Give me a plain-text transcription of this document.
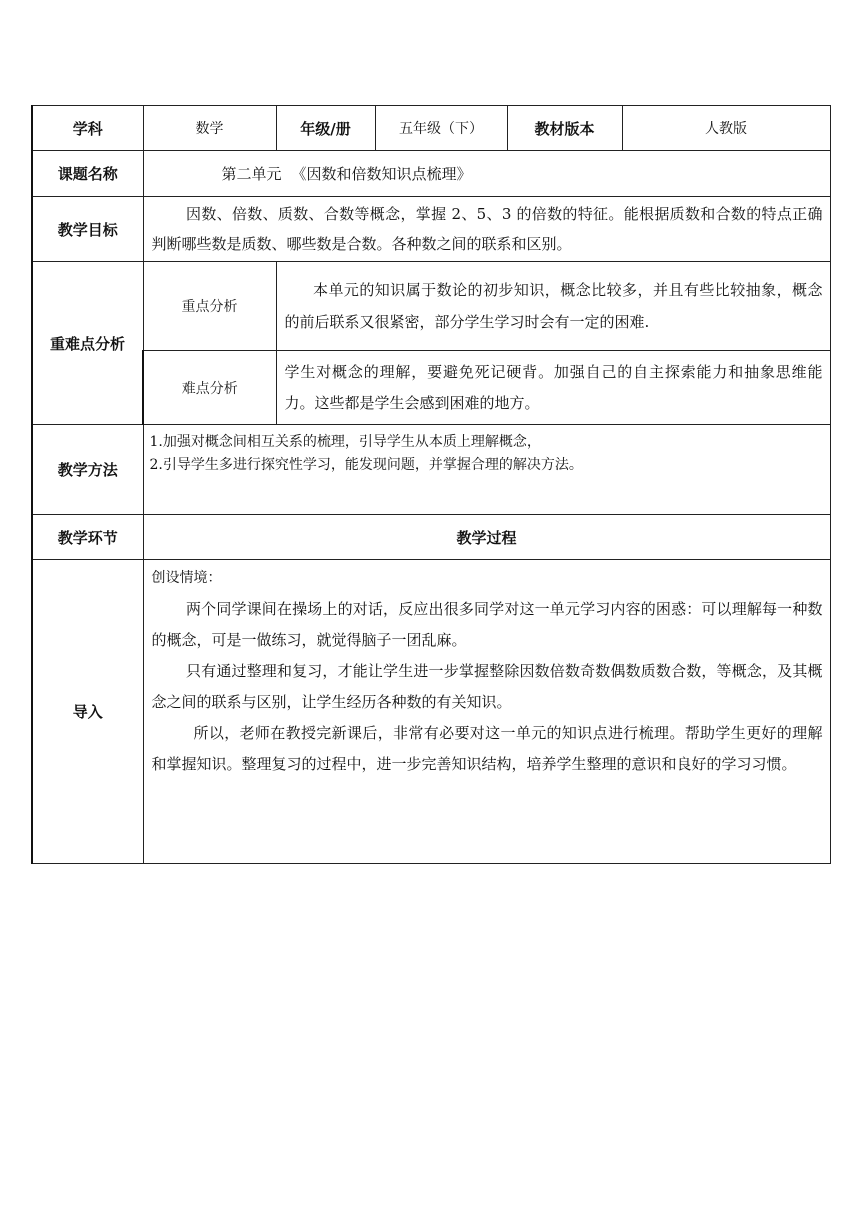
学科	数学	年级/册	五年级（下）	教材版本	人教版
课题名称	第二单元 《因数和倍数知识点梳理》				
教学目标	因数、倍数、质数、合数等概念，掌握 2、5、3 的倍数的特征。能根据质数和合数的特点正确判断哪些数是质数、哪些数是合数。各种数之间的联系和区别。				
重难点分析	重点分析	本单元的知识属于数论的初步知识，概念比较多，并且有些比较抽象，概念的前后联系又很紧密，部分学生学习时会有一定的困难.			
	难点分析	学生对概念的理解，要避免死记硬背。加强自己的自主探索能力和抽象思维能力。这些都是学生会感到困难的地方。			
教学方法	1.加强对概念间相互关系的梳理，引导学生从本质上理解概念，
2.引导学生多进行探究性学习，能发现问题，并掌握合理的解决方法。				

教学环节	教学过程				
导入	创设情境：
两个同学课间在操场上的对话，反应出很多同学对这一单元学习内容的困惑：可以理解每一种数的概念，可是一做练习，就觉得脑子一团乱麻。
只有通过整理和复习，才能让学生进一步掌握整除因数倍数奇数偶数质数合数，等概念，及其概念之间的联系与区别，让学生经历各种数的有关知识。
所以，老师在教授完新课后，非常有必要对这一单元的知识点进行梳理。帮助学生更好的理解和掌握知识。整理复习的过程中，进一步完善知识结构，培养学生整理的意识和良好的学习习惯。				
